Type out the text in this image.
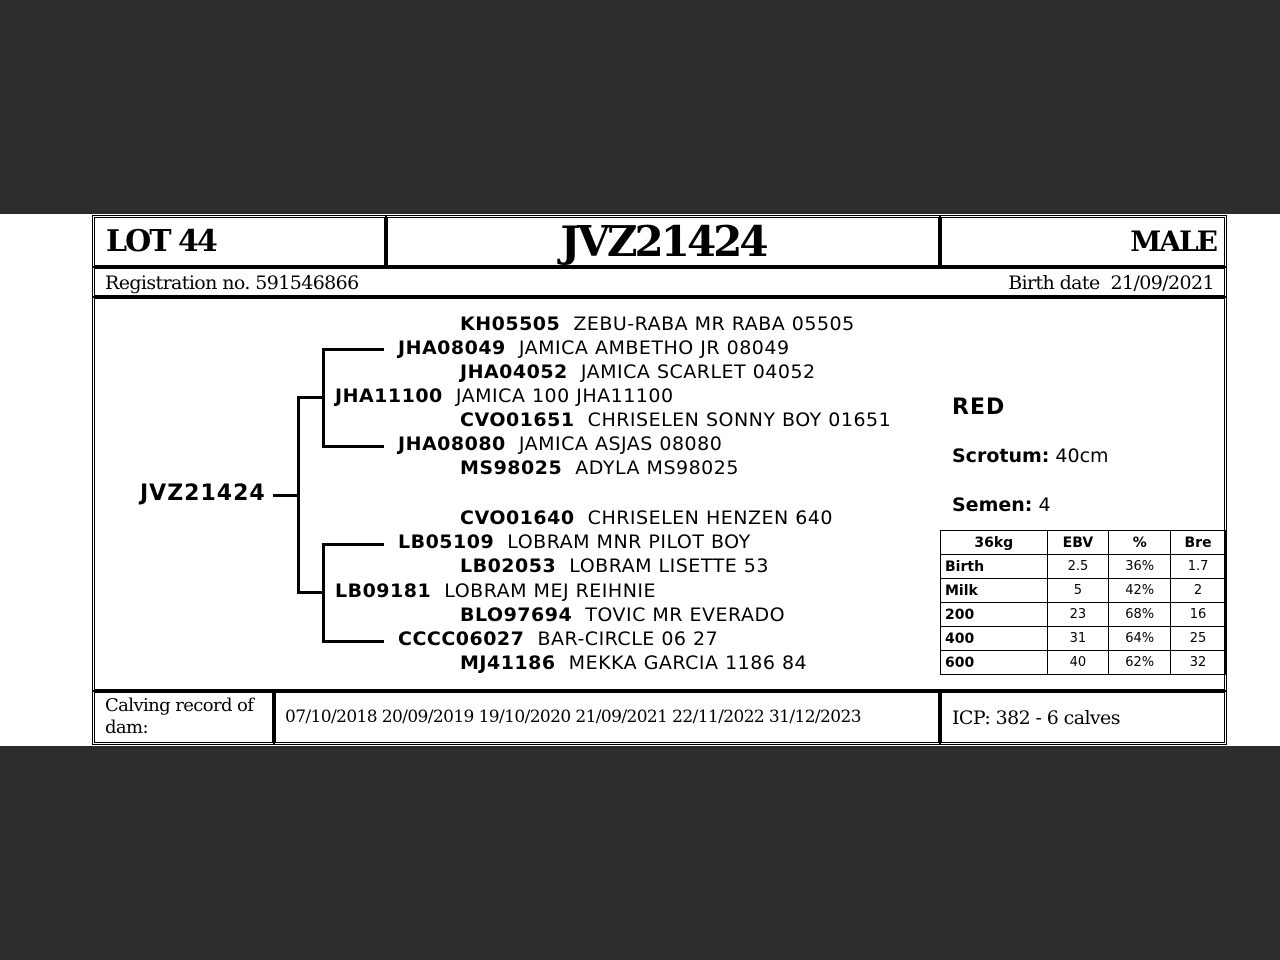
LOT 44	JVZ21424	MALE
Registration no. 591546866	Birth date 21/09/2021
JVZ21424
KH05505 ZEBU-RABA MR RABA 05505
JHA08049 JAMICA AMBETHO JR 08049
JHA04052  JAMICA SCARLET 04052
JHA11100 JAMICA 100 JHA11100
CVO01651 CHRISELEN SONNY BOY 01651
JHA08080 JAMICA ASJAS 08080
MS98025 ADYLA MS98025
CVO01640 CHRISELEN HENZEN 640
LB05109 LOBRAM MNR PILOT BOY
LB02053 LOBRAM LISETTE 53
LB09181 LOBRAM MEJ REIHNIE
BLO97694 TOVIC MR EVERADO
CCCC06027 BAR-CIRCLE 06 27
MJ41186 MEKKA GARCIA 1186 84
RED
Scrotum: 40cm
Semen: 4
36kg	EBV	%	Bre
Birth	2.5	36%	1.7
Milk	5	42%	2
200	23	68%	16
400	31	64%	25
600	40	62%	32
Calving record of dam:	07/10/2018 20/09/2019 19/10/2020 21/09/2021 22/11/2022 31/12/2023	ICP: 382 - 6 calves
